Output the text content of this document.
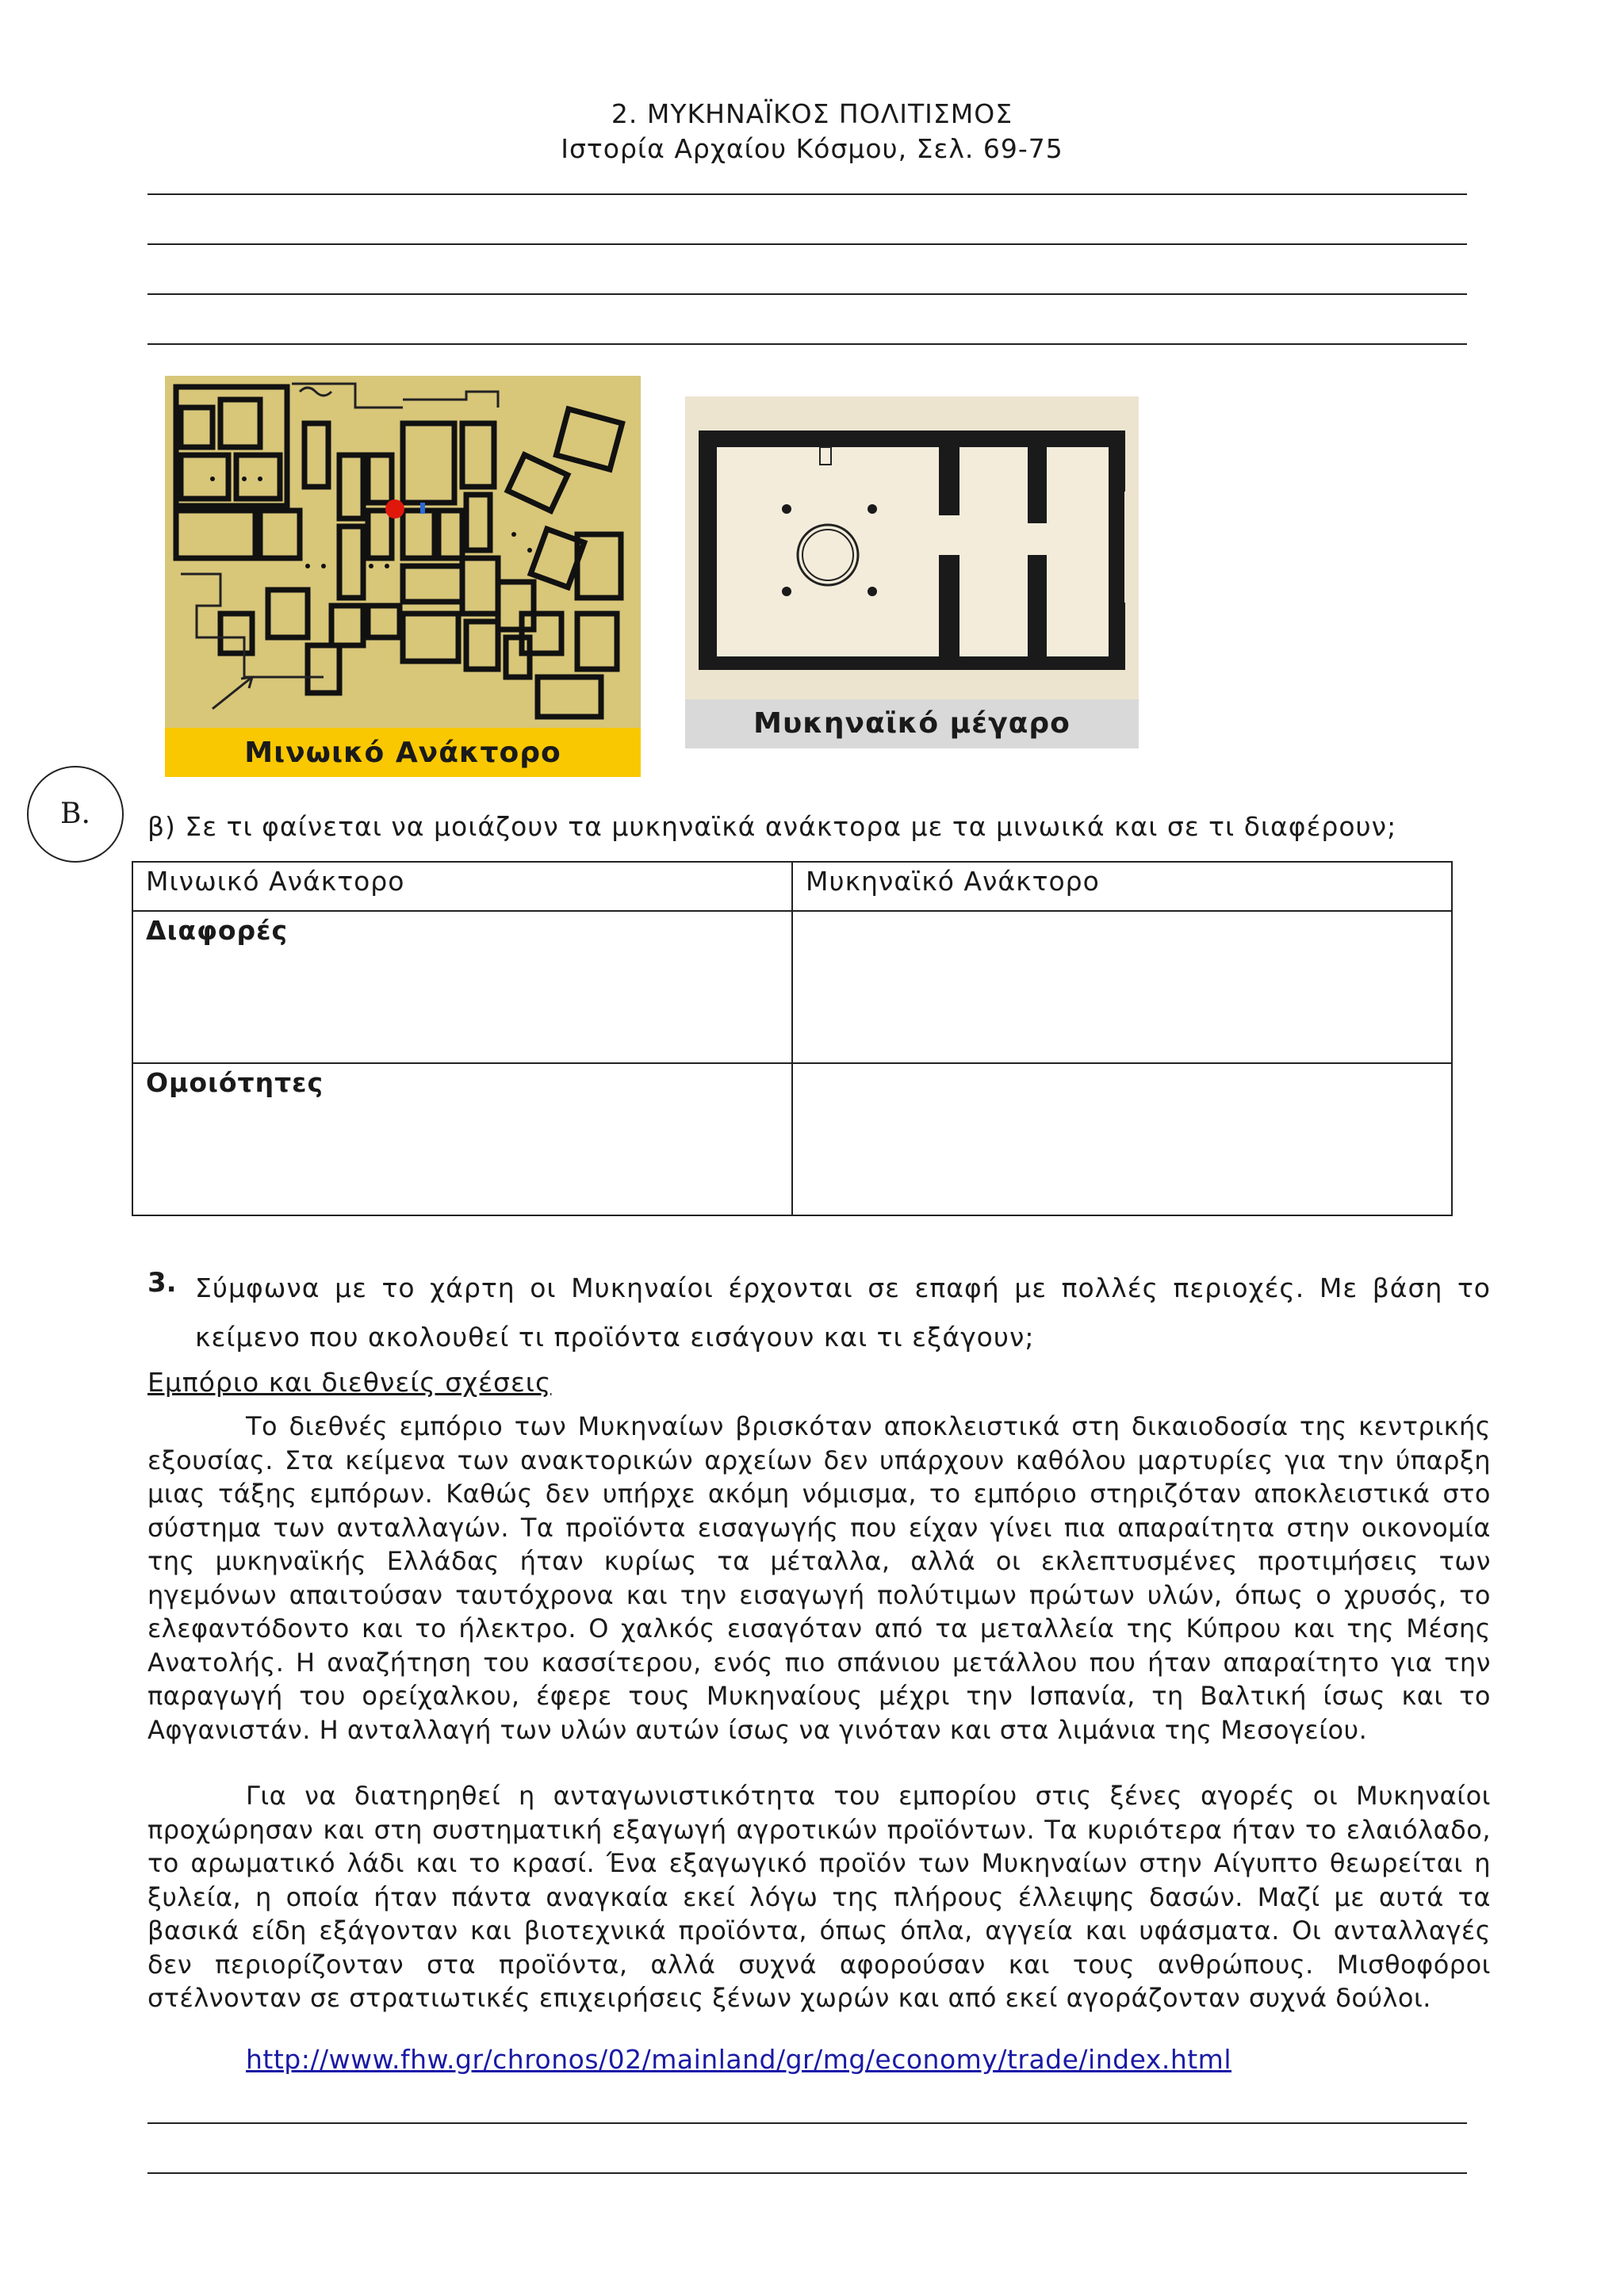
2. ΜΥΚΗΝΑΪΚΟΣ ΠΟΛΙΤΙΣΜΟΣ
Ιστορία Αρχαίου Κόσμου, Σελ. 69-75
Μινωικό Ανάκτορο
Μυκηναϊκό μέγαρο
Β.	β) Σε τι φαίνεται να μοιάζουν τα μυκηναϊκά ανάκτορα με τα μινωικά και σε τι διαφέρουν;
Μινωικό Ανάκτορο	Μυκηναϊκό Ανάκτορο
Διαφορές	
Ομοιότητες	
3. Σύμφωνα με το χάρτη οι Μυκηναίοι έρχονται σε επαφή με πολλές περιοχές. Με βάση το κείμενο που ακολουθεί τι προϊόντα εισάγουν και τι εξάγουν;
Εμπόριο και διεθνείς σχέσεις
Το διεθνές εμπόριο των Μυκηναίων βρισκόταν αποκλειστικά στη δικαιοδοσία της κεντρικής εξουσίας. Στα κείμενα των ανακτορικών αρχείων δεν υπάρχουν καθόλου μαρτυρίες για την ύπαρξη μιας τάξης εμπόρων. Καθώς δεν υπήρχε ακόμη νόμισμα, το εμπόριο στηριζόταν αποκλειστικά στο σύστημα των ανταλλαγών. Τα προϊόντα εισαγωγής που είχαν γίνει πια απαραίτητα στην οικονομία της μυκηναϊκής Ελλάδας ήταν κυρίως τα μέταλλα, αλλά οι εκλεπτυσμένες προτιμήσεις των ηγεμόνων απαιτούσαν ταυτόχρονα και την εισαγωγή πολύτιμων πρώτων υλών, όπως ο χρυσός, το ελεφαντόδοντο και το ήλεκτρο. Ο χαλκός εισαγόταν από τα μεταλλεία της Κύπρου και της Μέσης Ανατολής. Η αναζήτηση του κασσίτερου, ενός πιο σπάνιου μετάλλου που ήταν απαραίτητο για την παραγωγή του ορείχαλκου, έφερε τους Μυκηναίους μέχρι την Ισπανία, τη Βαλτική ίσως και το Αφγανιστάν. Η ανταλλαγή των υλών αυτών ίσως να γινόταν και στα λιμάνια της Μεσογείου.
Για να διατηρηθεί η ανταγωνιστικότητα του εμπορίου στις ξένες αγορές οι Μυκηναίοι προχώρησαν και στη συστηματική εξαγωγή αγροτικών προϊόντων. Τα κυριότερα ήταν το ελαιόλαδο, το αρωματικό λάδι και το κρασί. Ένα εξαγωγικό προϊόν των Μυκηναίων στην Αίγυπτο θεωρείται η ξυλεία, η οποία ήταν πάντα αναγκαία εκεί λόγω της πλήρους έλλειψης δασών. Μαζί με αυτά τα βασικά είδη εξάγονταν και βιοτεχνικά προϊόντα, όπως όπλα, αγγεία και υφάσματα. Οι ανταλλαγές δεν περιορίζονταν στα προϊόντα, αλλά συχνά αφορούσαν και τους ανθρώπους. Μισθοφόροι στέλνονταν σε στρατιωτικές επιχειρήσεις ξένων χωρών και από εκεί αγοράζονταν συχνά δούλοι.
http://www.fhw.gr/chronos/02/mainland/gr/mg/economy/trade/index.html
